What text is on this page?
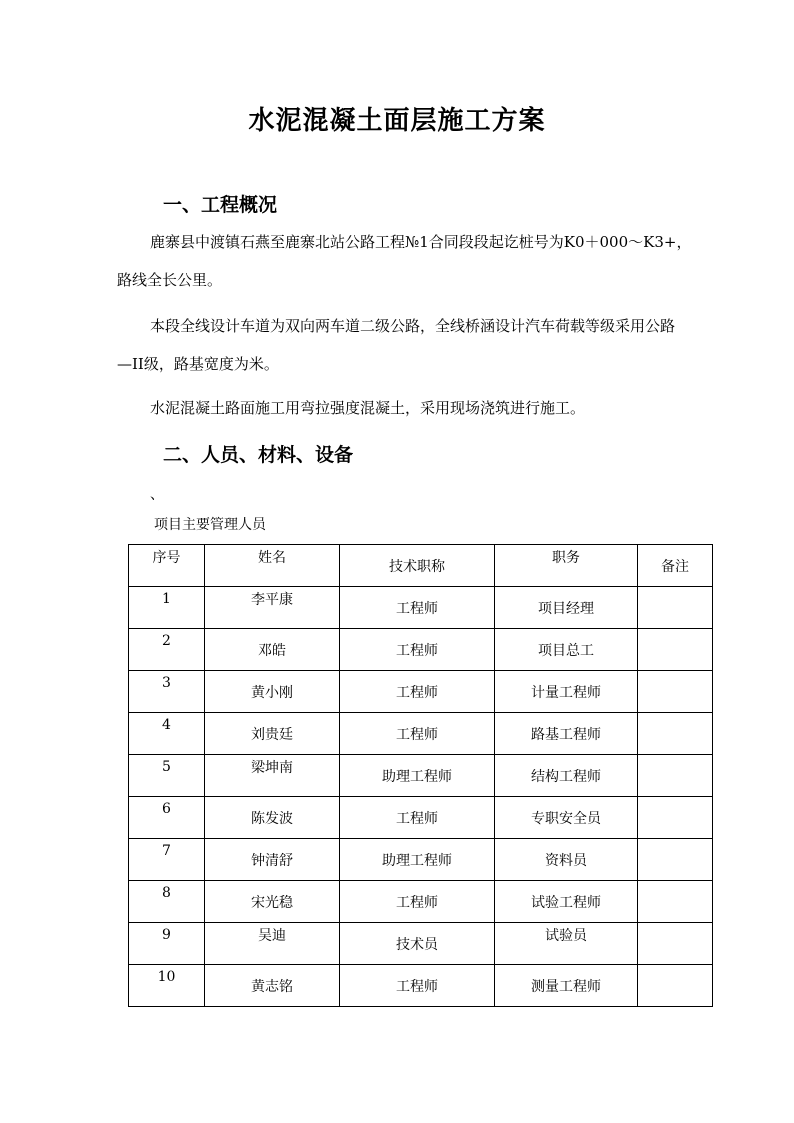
水泥混凝土面层施工方案
一、工程概况

鹿寨县中渡镇石燕至鹿寨北站公路工程№1合同段段起讫桩号为K0＋000～K3+，

路线全长公里。

本段全线设计车道为双向两车道二级公路，全线桥涵设计汽车荷载等级采用公路

—II级，路基宽度为米。

水泥混凝土路面施工用弯拉强度混凝土，采用现场浇筑进行施工。

二、人员、材料、设备
、

项目主要管理人员

序号	姓名	技术职称	职务	备注
1	李平康	工程师	项目经理	
2	邓皓	工程师	项目总工	
3	黄小刚	工程师	计量工程师	
4	刘贵廷	工程师	路基工程师	
5	梁坤南	助理工程师	结构工程师	
6	陈发波	工程师	专职安全员	
7	钟清舒	助理工程师	资料员	
8	宋光稳	工程师	试验工程师	
9	吴迪	技术员	试验员	
10	黄志铭	工程师	测量工程师	
